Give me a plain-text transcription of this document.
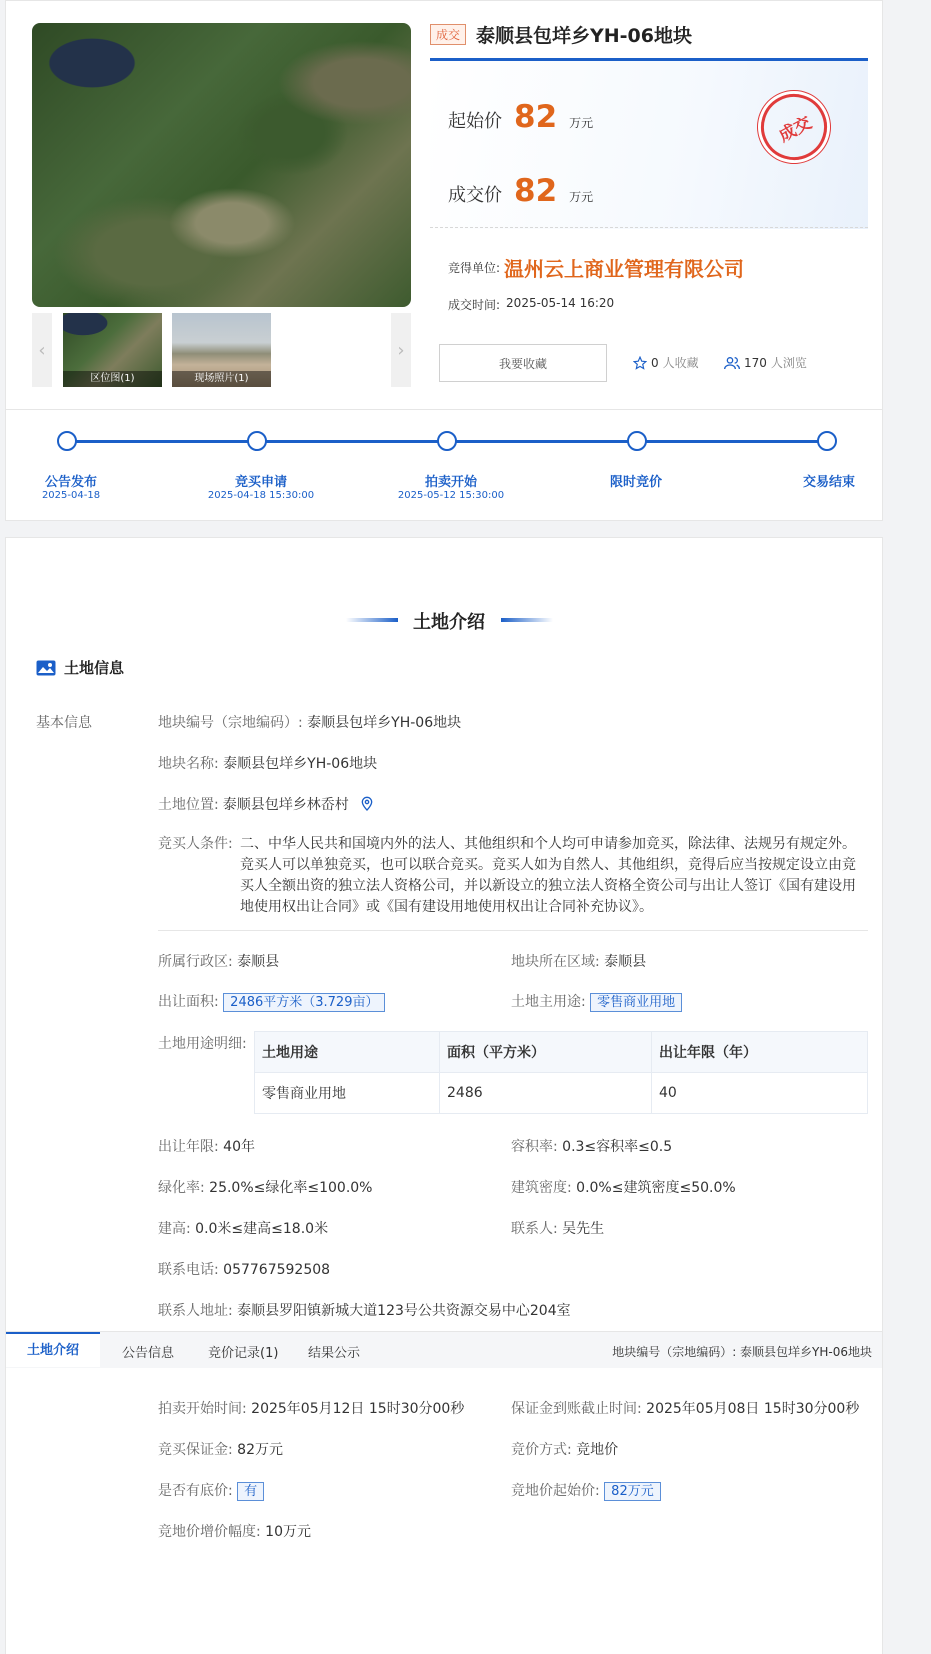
‹
区位图(1)	现场照片(1)
›
成交 泰顺县包垟乡YH-06地块
起始价 82 万元
成交价 82 万元
成交
竞得单位: 温州云上商业管理有限公司
成交时间: 2025-05-14 16:20
我要收藏	0 人收藏	170 人浏览
公告发布
2025-04-18
竞买申请
2025-04-18 15:30:00
拍卖开始
2025-05-12 15:30:00
限时竞价	交易结束
土地介绍
土地信息
基本信息	地块编号（宗地编码）: 泰顺县包垟乡YH-06地块
地块名称: 泰顺县包垟乡YH-06地块
土地位置: 泰顺县包垟乡林岙村
竞买人条件: 二、中华人民共和国境内外的法人、其他组织和个人均可申请参加竞买，除法律、法规另有规定外。竞买人可以单独竞买，也可以联合竞买。竞买人如为自然人、其他组织，竞得后应当按规定设立由竞买人全额出资的独立法人资格公司，并以新设立的独立法人资格全资公司与出让人签订《国有建设用地使用权出让合同》或《国有建设用地使用权出让合同补充协议》。
所属行政区: 泰顺县	地块所在区域: 泰顺县
出让面积: 2486平方米（3.729亩）	土地主用途: 零售商业用地
土地用途明细:
土地用途	面积（平方米）	出让年限（年）
零售商业用地	2486	40
出让年限: 40年	容积率: 0.3≤容积率≤0.5
绿化率: 25.0%≤绿化率≤100.0%	建筑密度: 0.0%≤建筑密度≤50.0%
建高: 0.0米≤建高≤18.0米	联系人: 吴先生
联系电话: 057767592508
联系人地址: 泰顺县罗阳镇新城大道123号公共资源交易中心204室
土地介绍	公告信息	竞价记录(1) 结果公示	地块编号（宗地编码）: 泰顺县包垟乡YH-06地块
拍卖开始时间: 2025年05月12日 15时30分00秒	保证金到账截止时间: 2025年05月08日 15时30分00秒
竞买保证金: 82万元	竞价方式: 竞地价
是否有底价: 有	竞地价起始价: 82万元
竞地价增价幅度: 10万元
